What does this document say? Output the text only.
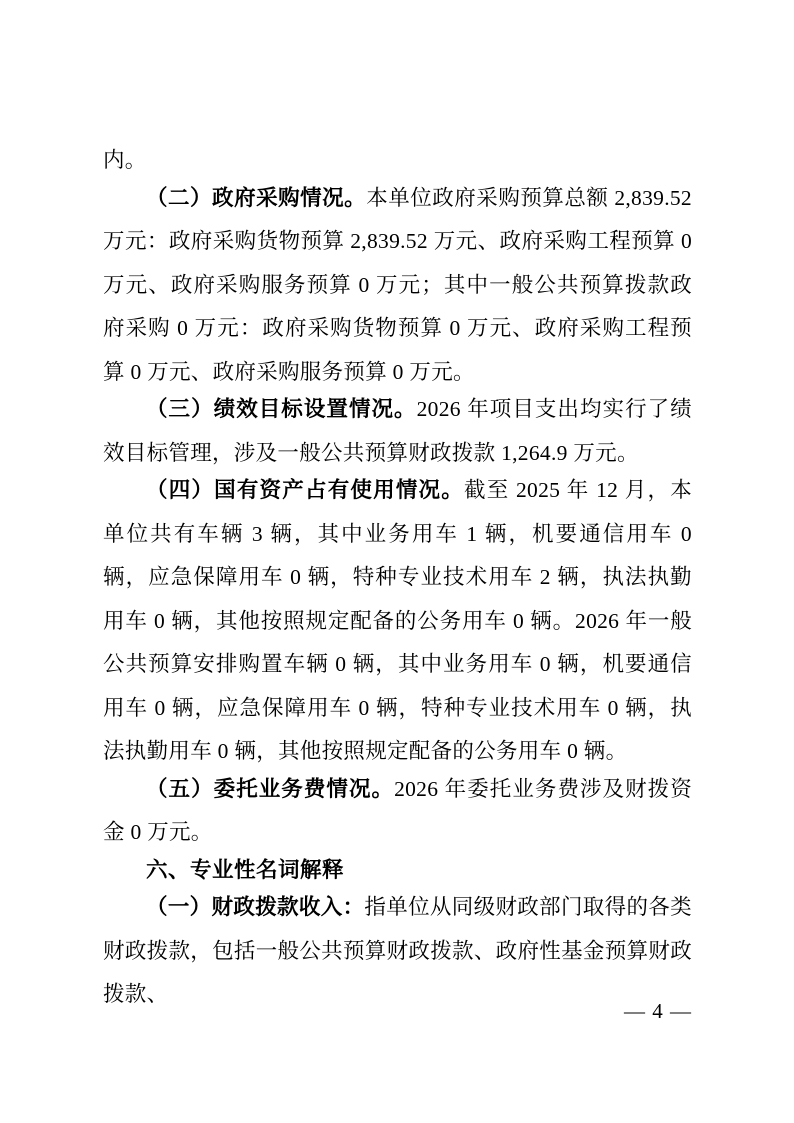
内。

（二）政府采购情况。本单位政府采购预算总额 2,839.52 万元：政府采购货物预算 2,839.52 万元、政府采购工程预算 0 万元、政府采购服务预算 0 万元；其中一般公共预算拨款政府采购 0 万元：政府采购货物预算 0 万元、政府采购工程预算 0 万元、政府采购服务预算 0 万元。

（三）绩效目标设置情况。2026 年项目支出均实行了绩效目标管理，涉及一般公共预算财政拨款 1,264.9 万元。

（四）国有资产占有使用情况。截至 2025 年 12 月，本单位共有车辆 3 辆，其中业务用车 1 辆，机要通信用车 0 辆，应急保障用车 0 辆，特种专业技术用车 2 辆，执法执勤用车 0 辆，其他按照规定配备的公务用车 0 辆。2026 年一般公共预算安排购置车辆 0 辆，其中业务用车 0 辆，机要通信用车 0 辆，应急保障用车 0 辆，特种专业技术用车 0 辆，执法执勤用车 0 辆，其他按照规定配备的公务用车 0 辆。

（五）委托业务费情况。2026 年委托业务费涉及财拨资金 0 万元。

六、专业性名词解释

（一）财政拨款收入：指单位从同级财政部门取得的各类财政拨款，包括一般公共预算财政拨款、政府性基金预算财政拨款、

— 4 —
